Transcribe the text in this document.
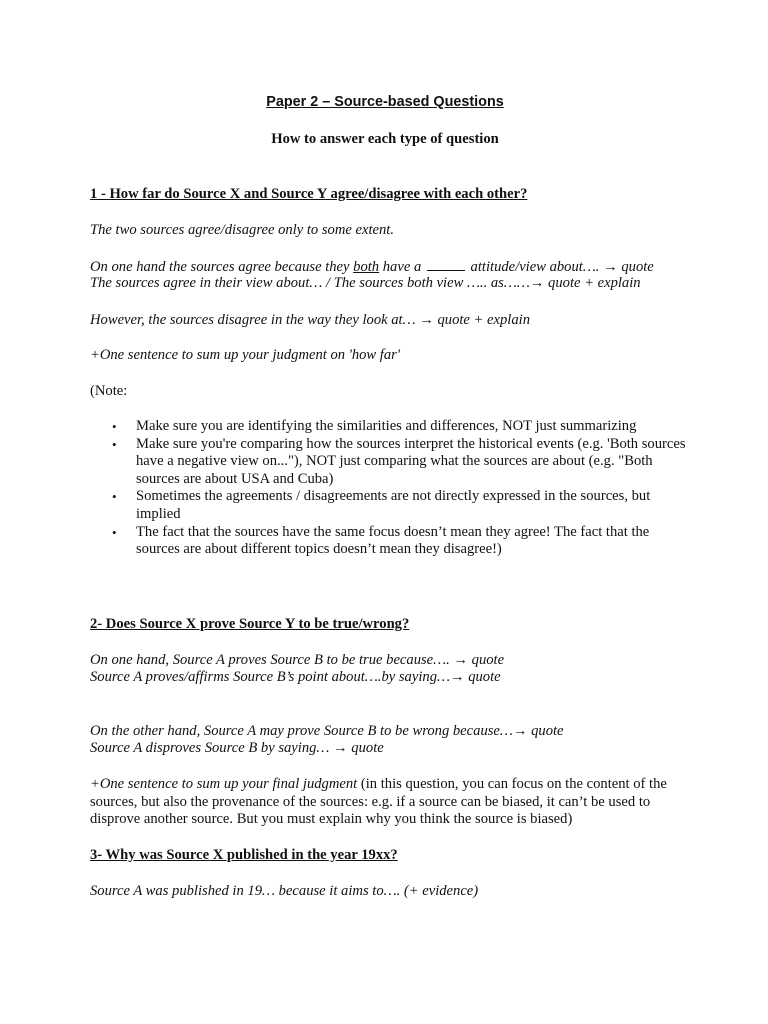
Paper 2 – Source-based Questions
How to answer each type of question

1 - How far do Source X and Source Y agree/disagree with each other?

The two sources agree/disagree only to some extent.

On one hand the sources agree because they both have a	attitude/view about…. → quote

The sources agree in their view about… / The sources both view ….. as……→ quote + explain

However, the sources disagree in the way they look at… → quote + explain

+One sentence to sum up your judgment on 'how far'

(Note:

• Make sure you are identifying the similarities and differences, NOT just summarizing
• Make sure you're comparing how the sources interpret the historical events (e.g. 'Both sources have a negative view on..."), NOT just comparing what the sources are about (e.g. "Both sources are about USA and Cuba)
• Sometimes the agreements / disagreements are not directly expressed in the sources, but implied
• The fact that the sources have the same focus doesn’t mean they agree! The fact that the sources are about different topics doesn’t mean they disagree!)

2- Does Source X prove Source Y to be true/wrong?

On one hand, Source A proves Source B to be true because…. → quote

Source A proves/affirms Source B’s point about….by saying…→ quote

On the other hand, Source A may prove Source B to be wrong because…→ quote

Source A disproves Source B by saying… → quote

+One sentence to sum up your final judgment (in this question, you can focus on the content of the sources, but also the provenance of the sources: e.g. if a source can be biased, it can’t be used to disprove another source. But you must explain why you think the source is biased)

3- Why was Source X published in the year 19xx?

Source A was published in 19… because it aims to…. (+ evidence)
